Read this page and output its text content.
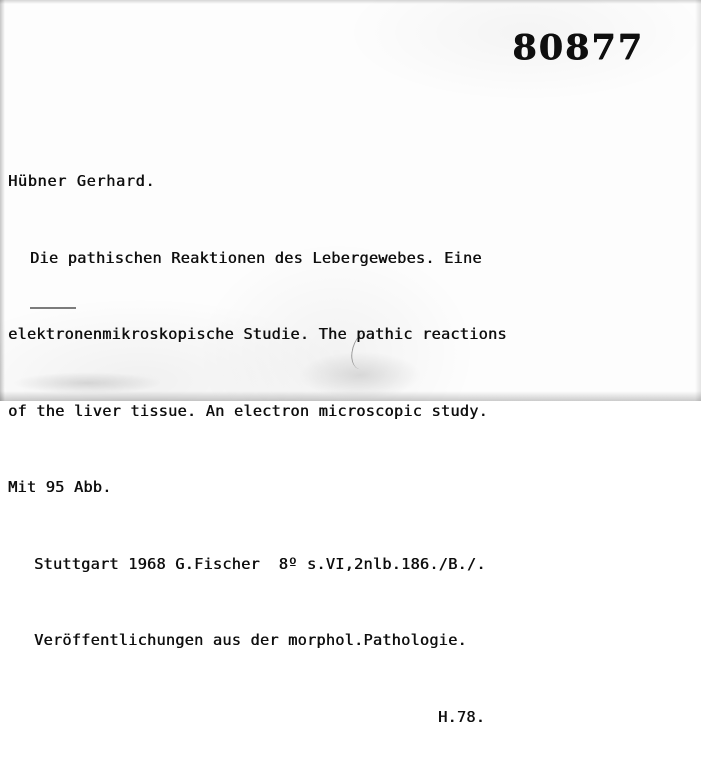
80877

Hübner Gerhard.

Die pathischen Reaktionen des Lebergewebes. Eine

elektronenmikroskopische Studie. The pathic reactions

of the liver tissue. An electron microscopic study.

Mit 95 Abb.

Stuttgart 1968 G.Fischer  8º s.VI,2nlb.186./B./.

Veröffentlichungen aus der morphol.Pathologie.

H.78.
